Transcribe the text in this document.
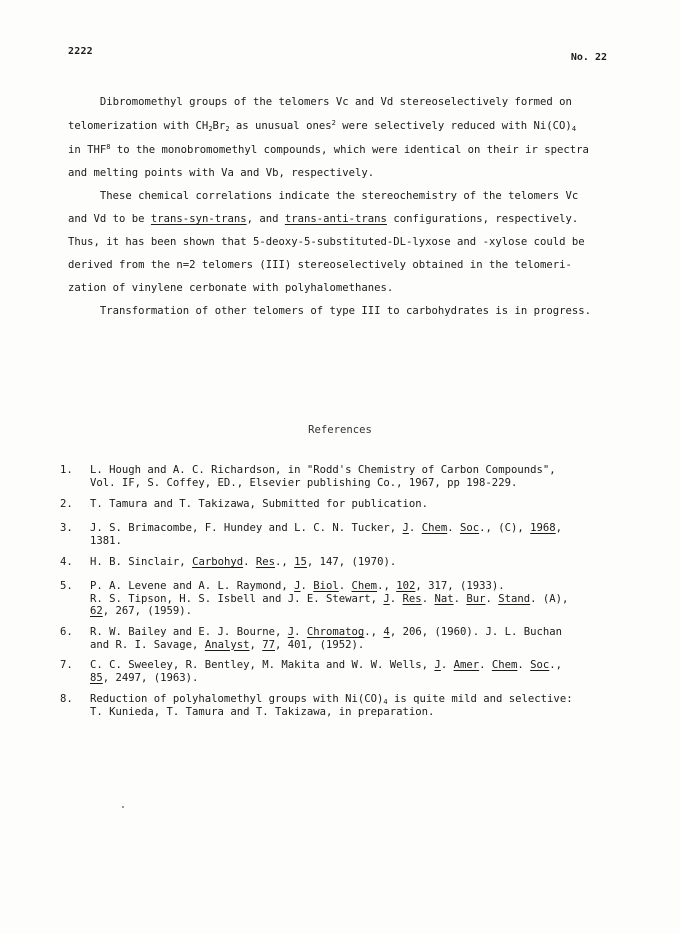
2222
No. 22
Dibromomethyl groups of the telomers Vc and Vd stereoselectively formed on
telomerization with $CH_2Br_2$ as unusual ones$^2$ were selectively reduced with $Ni(CO)_4$
in THF$^8$ to the monobromomethyl compounds, which were identical on their ir spectra
and melting points with Va and Vb, respectively.
These chemical correlations indicate the stereochemistry of the telomers Vc
and Vd to be trans-syn-trans, and trans-anti-trans configurations, respectively.
Thus, it has been shown that 5-deoxy-5-substituted-DL-lyxose and -xylose could be
derived from the n=2 telomers (III) stereoselectively obtained in the telomeri-
zation of vinylene cerbonate with polyhalomethanes.
Transformation of other telomers of type III to carbohydrates is in progress.
References
1.	L. Hough and A. C. Richardson, in "Rodd's Chemistry of Carbon Compounds",
Vol. IF, S. Coffey, ED., Elsevier publishing Co., 1967, pp 198-229.
2.	T. Tamura and T. Takizawa, Submitted for publication.
3.	J. S. Brimacombe, F. Hundey and L. C. N. Tucker, J. Chem. Soc., (C), 1968,
1381.
4.	H. B. Sinclair, Carbohyd. Res., 15, 147, (1970).
5.	P. A. Levene and A. L. Raymond, J. Biol. Chem., 102, 317, (1933).
R. S. Tipson, H. S. Isbell and J. E. Stewart, J. Res. Nat. Bur. Stand. (A),
62, 267, (1959).
6.	R. W. Bailey and E. J. Bourne, J. Chromatog., 4, 206, (1960). J. L. Buchan
and R. I. Savage, Analyst, 77, 401, (1952).
7.	C. C. Sweeley, R. Bentley, M. Makita and W. W. Wells, J. Amer. Chem. Soc.,
85, 2497, (1963).
8.	Reduction of polyhalomethyl groups with $Ni(CO)_4$ is quite mild and selective:
T. Kunieda, T. Tamura and T. Takizawa, in preparation.
